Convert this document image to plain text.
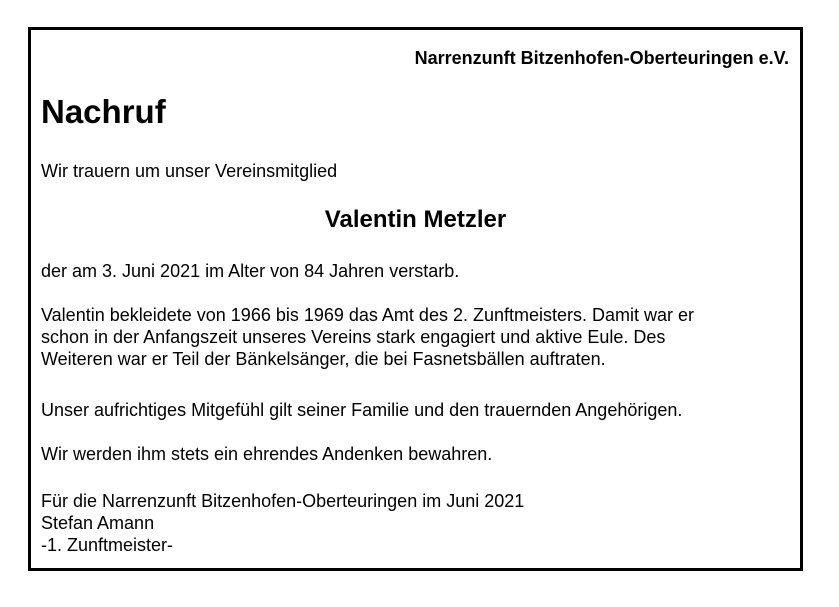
Narrenzunft Bitzenhofen-Oberteuringen e.V.
Nachruf
Wir trauern um unser Vereinsmitglied
Valentin Metzler
der am 3. Juni 2021 im Alter von 84 Jahren verstarb.
Valentin bekleidete von 1966 bis 1969 das Amt des 2. Zunftmeisters. Damit war er
schon in der Anfangszeit unseres Vereins stark engagiert und aktive Eule. Des
Weiteren war er Teil der Bänkelsänger, die bei Fasnetsbällen auftraten.
Unser aufrichtiges Mitgefühl gilt seiner Familie und den trauernden Angehörigen.
Wir werden ihm stets ein ehrendes Andenken bewahren.
Für die Narrenzunft Bitzenhofen-Oberteuringen im Juni 2021
Stefan Amann
-1. Zunftmeister-
